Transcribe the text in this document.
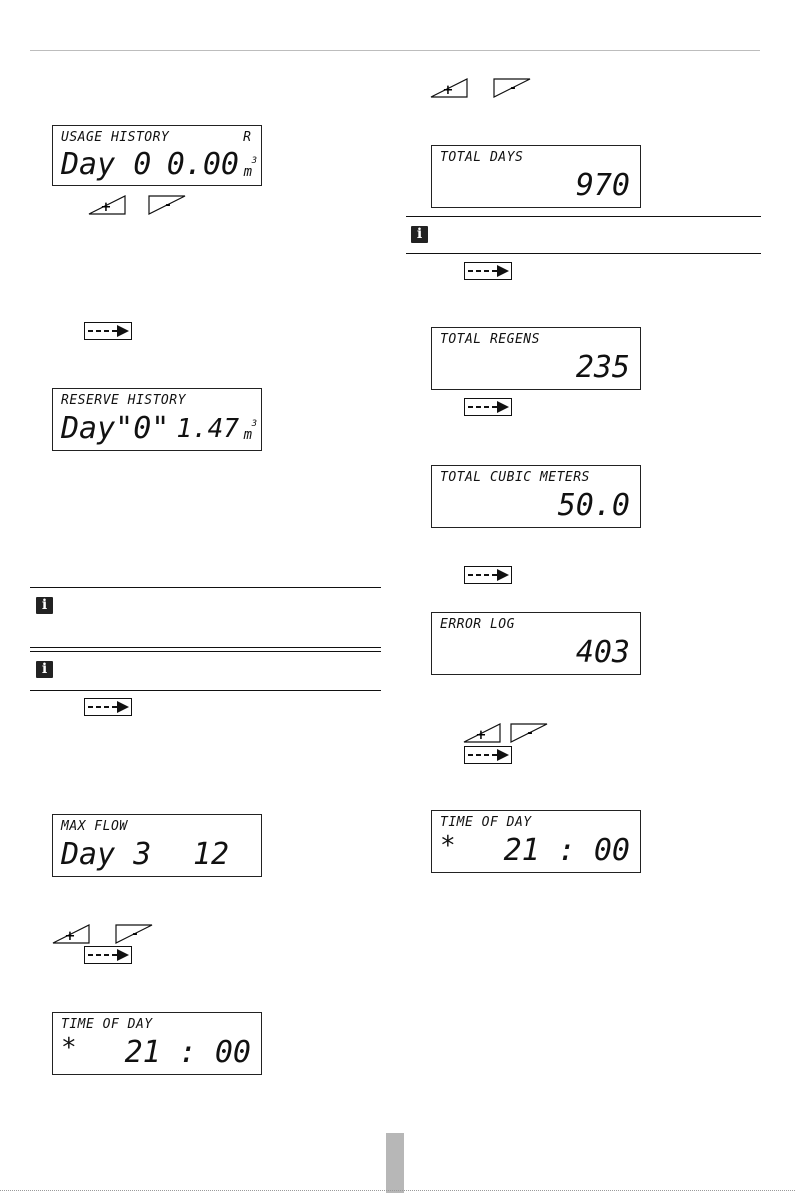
USAGE HISTORY	R
Day 0 0.00 m
3
+	-
RESERVE HISTORY
Day"0" 1.47 m
3
i
i
MAX FLOW
Day 3 12
+	-
TIME OF DAY
* 21 : 00
+	-
TOTAL DAYS
970
i
TOTAL REGENS
235
TOTAL CUBIC METERS
50.0
ERROR LOG
403
+	-
TIME OF DAY
* 21 : 00
